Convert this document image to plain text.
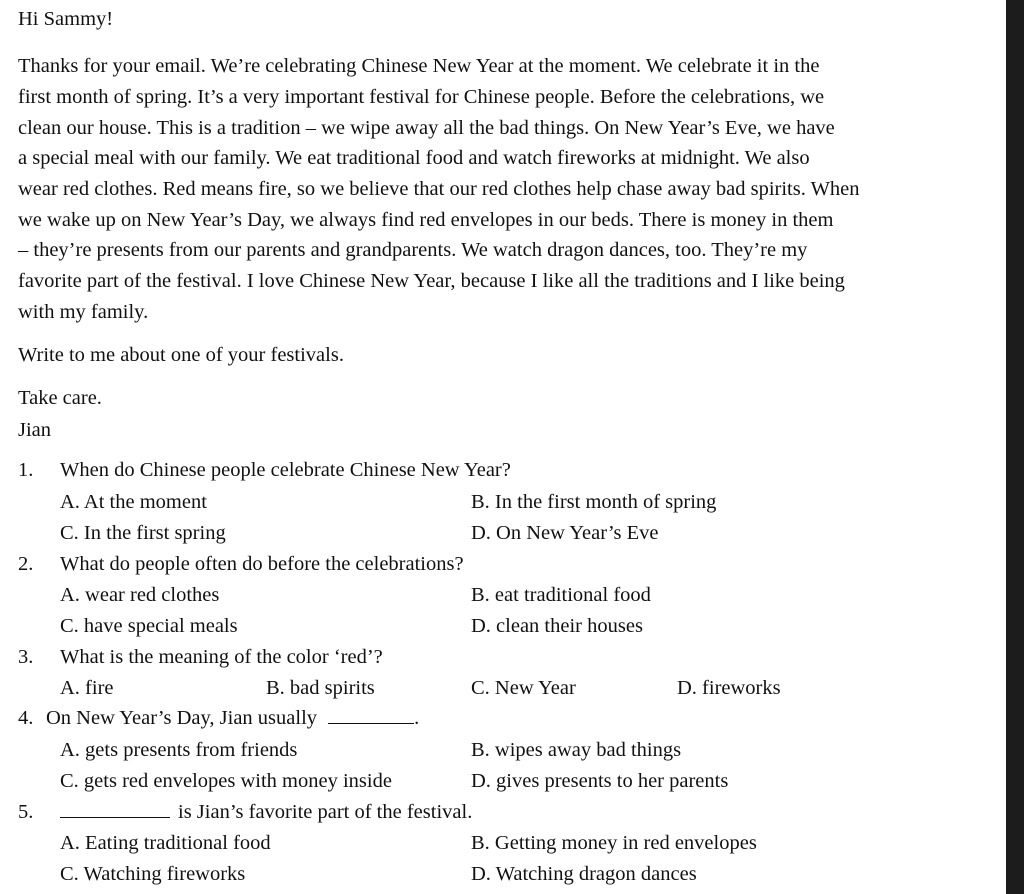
Hi Sammy!
Thanks for your email. We’re celebrating Chinese New Year at the moment. We celebrate it in the
first month of spring. It’s a very important festival for Chinese people. Before the celebrations, we
clean our house. This is a tradition – we wipe away all the bad things. On New Year’s Eve, we have
a special meal with our family. We eat traditional food and watch fireworks at midnight. We also
wear red clothes. Red means fire, so we believe that our red clothes help chase away bad spirits. When
we wake up on New Year’s Day, we always find red envelopes in our beds. There is money in them
– they’re presents from our parents and grandparents. We watch dragon dances, too. They’re my
favorite part of the festival. I love Chinese New Year, because I like all the traditions and I like being
with my family.
Write to me about one of your festivals.
Take care.
Jian
1. When do Chinese people celebrate Chinese New Year?
A. At the moment	B. In the first month of spring
C. In the first spring	D. On New Year’s Eve
2. What do people often do before the celebrations?
A. wear red clothes	B. eat traditional food
C. have special meals	D. clean their houses
3. What is the meaning of the color ‘red’?
A. fire	B. bad spirits	C. New Year	D. fireworks
4. On New Year’s Day, Jian usually	.
A. gets presents from friends	B. wipes away bad things
C. gets red envelopes with money inside	D. gives presents to her parents
5.	is Jian’s favorite part of the festival.
A. Eating traditional food	B. Getting money in red envelopes
C. Watching fireworks	D. Watching dragon dances
